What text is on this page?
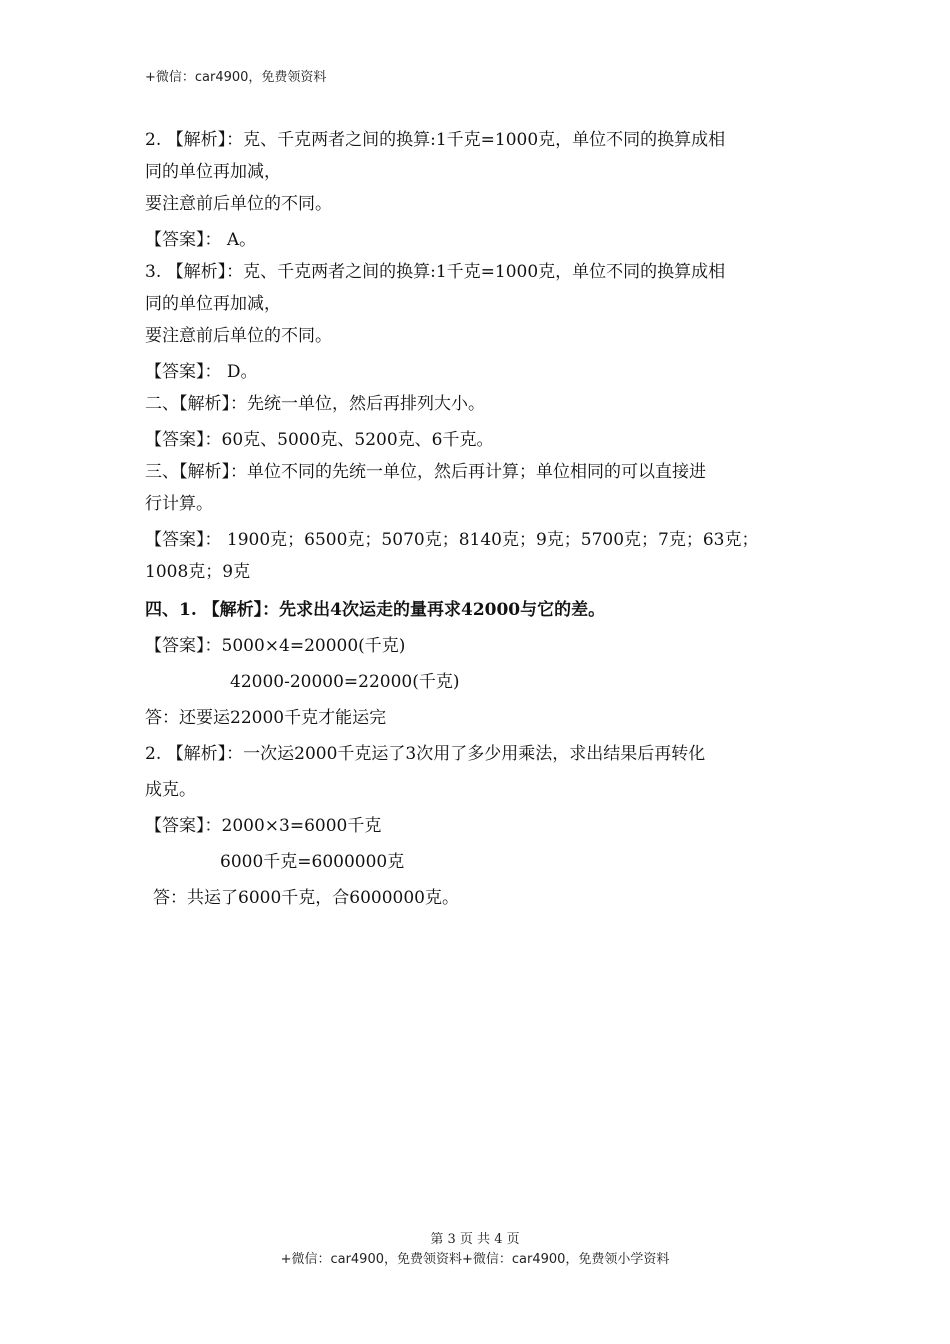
+微信：car4900，免费领资料
2. 【解析】：克、千克两者之间的换算:1千克=1000克，单位不同的换算成相
同的单位再加减，
要注意前后单位的不同。
【答案】： A。
3. 【解析】：克、千克两者之间的换算:1千克=1000克，单位不同的换算成相
同的单位再加减，
要注意前后单位的不同。
【答案】： D。
二、【解析】：先统一单位，然后再排列大小。
【答案】：60克、5000克、5200克、6千克。
三、【解析】：单位不同的先统一单位，然后再计算；单位相同的可以直接进
行计算。
【答案】： 1900克；6500克；5070克；8140克；9克；5700克；7克；63克；
1008克；9克
四、1. 【解析】：先求出4次运走的量再求42000与它的差。
【答案】：5000×4=20000(千克)
42000-20000=22000(千克)
答：还要运22000千克才能运完
2. 【解析】：一次运2000千克运了3次用了多少用乘法，求出结果后再转化
成克。
【答案】：2000×3=6000千克
6000千克=6000000克
答：共运了6000千克，合6000000克。
第 3 页 共 4 页
+微信：car4900，免费领资料+微信：car4900，免费领小学资料
